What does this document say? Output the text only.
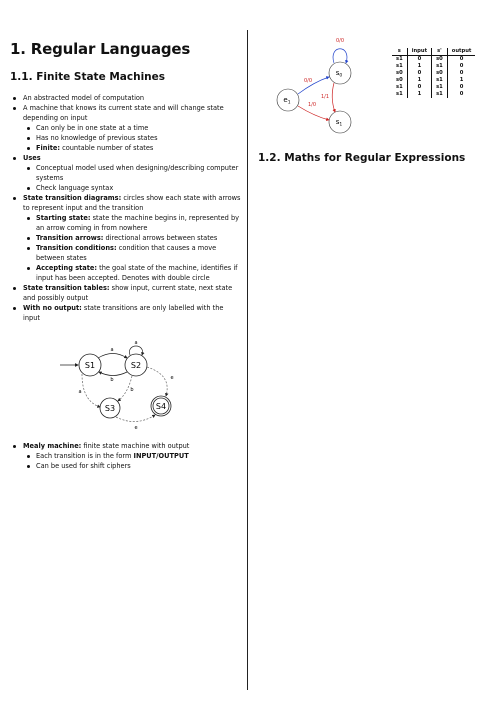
1. Regular Languages
1.1. Finite State Machines
An abstracted model of computation
A machine that knows its current state and will change state depending on input
Can only be in one state at a time
Has no knowledge of previous states
Finite: countable number of states
Uses
Conceptual model used when designing/describing computer systems
Check language syntax
State transition diagrams: circles show each state with arrows to represent input and the transition
Starting state: state the machine begins in, represented by an arrow coming in from nowhere
Transition arrows: directional arrows between states
Transition conditions: condition that causes a move between states
Accepting state: the goal state of the machine, identifies if input has been accepted. Denotes with double circle
State transition tables: show input, current state, next state and possibly output
With no output: state transitions are only labelled with the input
S1	S2
S3	S4
a
a
b
a	b
e
e
Mealy machine: finite state machine with output
Each transition is in the form INPUT/OUTPUT
Can be used for shift ciphers
$s_0$
$e_1$
$s_1$
0/0
0/0
1/0
1/1
s	input	s'	output
s1	0	s0	0
s1	1	s1	0
s0	0	s0	0
s0	1	s1	1
s1	0	s1	0
s1	1	s1	0
1.2. Maths for Regular Expressions
